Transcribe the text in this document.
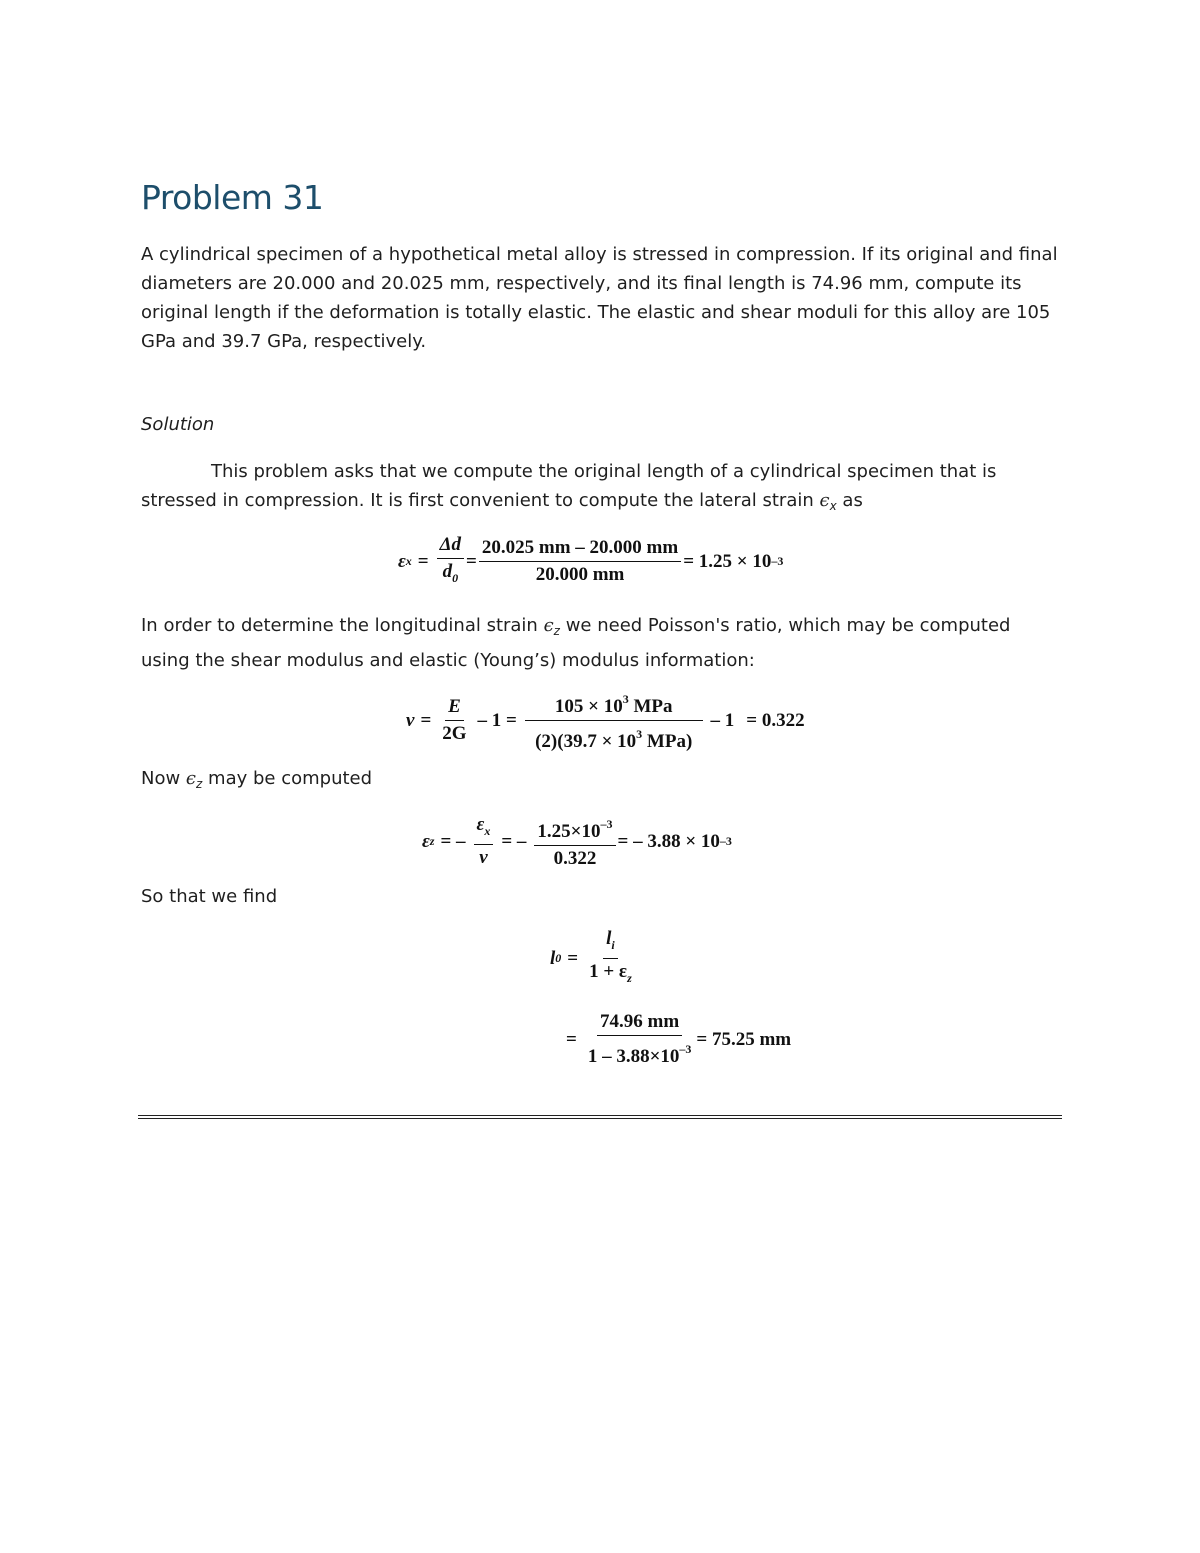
Problem 31
A cylindrical specimen of a hypothetical metal alloy is stressed in compression. If its original and final diameters are 20.000 and 20.025 mm, respectively, and its final length is 74.96 mm, compute its original length if the deformation is totally elastic. The elastic and shear moduli for this alloy are 105 GPa and 39.7 GPa, respectively.
Solution
This problem asks that we compute the original length of a cylindrical specimen that is stressed in compression. It is first convenient to compute the lateral strain $\epsilon_x$ as
ε $x = \frac{\Delta d}{d_0} = \frac{20.025 mm - 20.000 mm}{20.000 mm} = 1.25 \times 10$ –3
In order to determine the longitudinal strain $\epsilon_z$ we need Poisson's ratio, which may be computed using the shear modulus and elastic (Young’s) modulus information:
$\nu = \frac{E}{2G} - 1 = \frac{105 \times 10^3 MPa}{(2)(39.7 \times 10^3 MPa)} - 1 = 0.322$
Now $\epsilon_z$ may be computed
ε z = – $\frac{\varepsilon_x}{\nu}$ = – $\frac{1.25\times 10^{-3}}{0.322}$ = – 3.88 × 10 –3
So that we find
l $0 = \frac{l_i}{1 + \varepsilon_z}$
= $\frac{74.96 mm}{1 - 3.88\times 10^{-3}} = 75.25$ mm
